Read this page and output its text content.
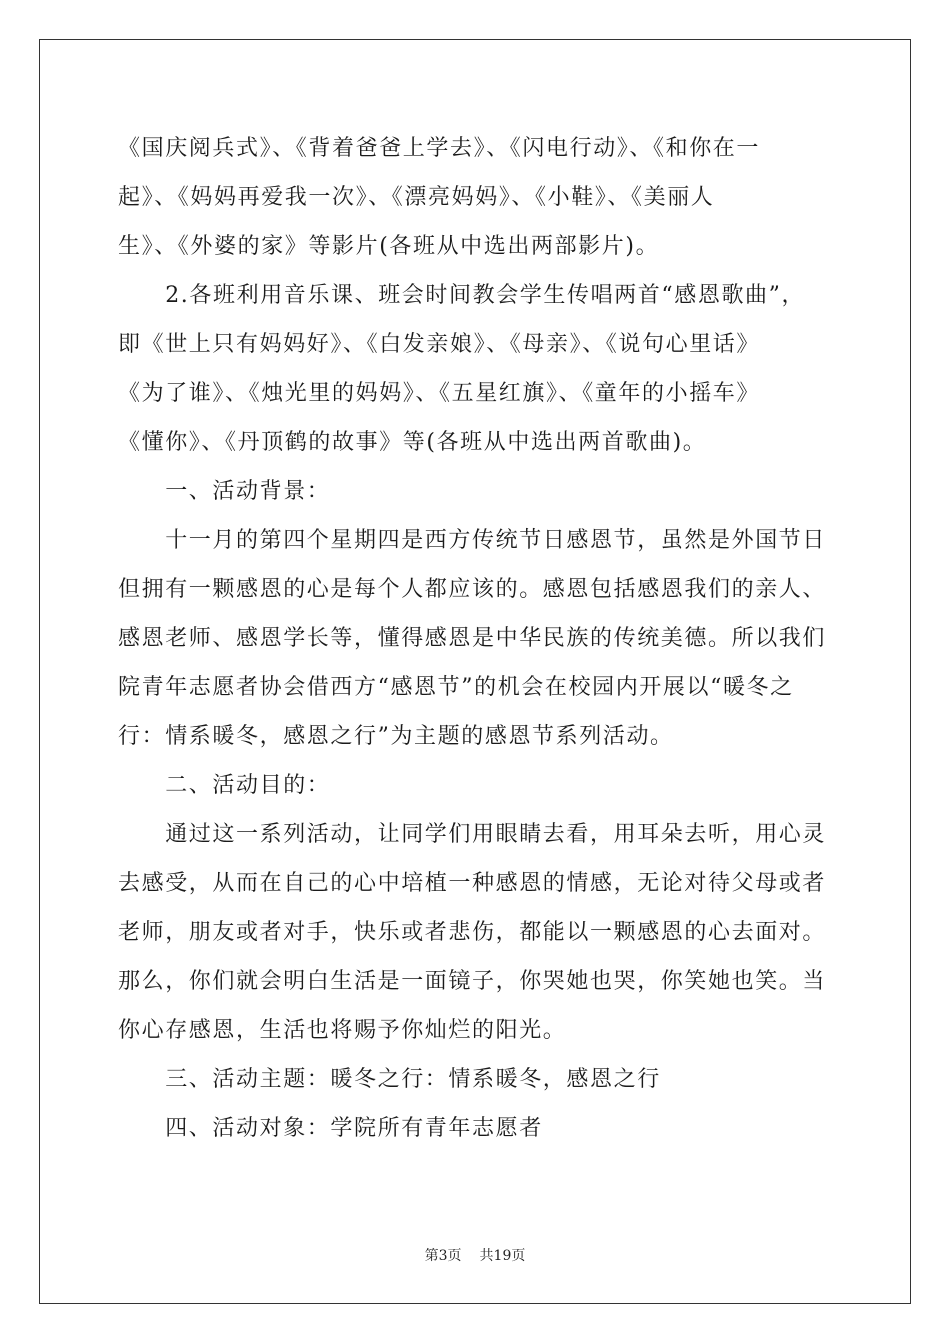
《国庆阅兵式》、《背着爸爸上学去》、《闪电行动》、《和你在一
起》、《妈妈再爱我一次》、《漂亮妈妈》、《小鞋》、《美丽人
生》、《外婆的家》等影片(各班从中选出两部影片)。
　　2.各班利用音乐课、班会时间教会学生传唱两首“感恩歌曲”，
即《世上只有妈妈好》、《白发亲娘》、《母亲》、《说句心里话》
《为了谁》、《烛光里的妈妈》、《五星红旗》、《童年的小摇车》
《懂你》、《丹顶鹤的故事》等(各班从中选出两首歌曲)。
　　一、活动背景：
　　十一月的第四个星期四是西方传统节日感恩节，虽然是外国节日
但拥有一颗感恩的心是每个人都应该的。感恩包括感恩我们的亲人、
感恩老师、感恩学长等，懂得感恩是中华民族的传统美德。所以我们
院青年志愿者协会借西方“感恩节”的机会在校园内开展以“暖冬之
行：情系暖冬，感恩之行”为主题的感恩节系列活动。
　　二、活动目的：
　　通过这一系列活动，让同学们用眼睛去看，用耳朵去听，用心灵
去感受，从而在自己的心中培植一种感恩的情感，无论对待父母或者
老师，朋友或者对手，快乐或者悲伤，都能以一颗感恩的心去面对。
那么，你们就会明白生活是一面镜子，你哭她也哭，你笑她也笑。当
你心存感恩，生活也将赐予你灿烂的阳光。
　　三、活动主题：暖冬之行：情系暖冬，感恩之行
　　四、活动对象：学院所有青年志愿者
第3页 共19页
